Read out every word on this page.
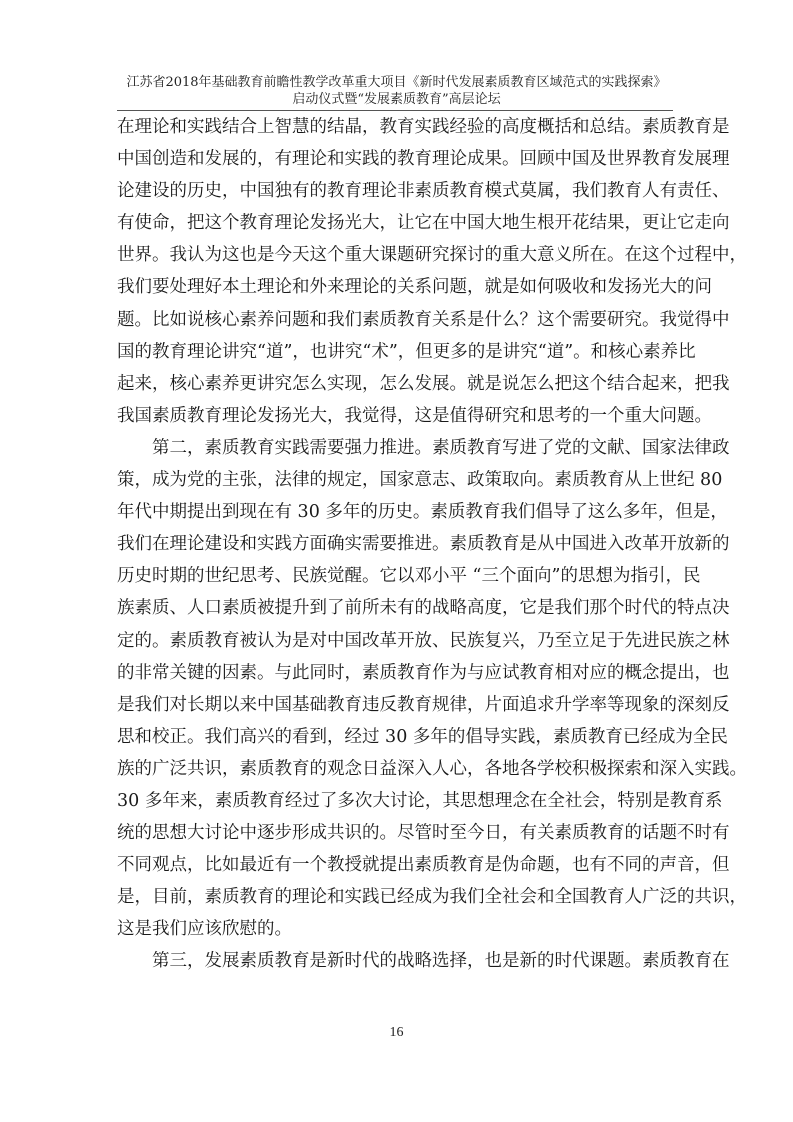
江苏省2018年基础教育前瞻性教学改革重大项目《新时代发展素质教育区域范式的实践探索》
启动仪式暨“发展素质教育”高层论坛
在理论和实践结合上智慧的结晶，教育实践经验的高度概括和总结。素质教育是
中国创造和发展的，有理论和实践的教育理论成果。回顾中国及世界教育发展理
论建设的历史，中国独有的教育理论非素质教育模式莫属，我们教育人有责任、
有使命，把这个教育理论发扬光大，让它在中国大地生根开花结果，更让它走向
世界。我认为这也是今天这个重大课题研究探讨的重大意义所在。在这个过程中，
我们要处理好本土理论和外来理论的关系问题，就是如何吸收和发扬光大的问
题。比如说核心素养问题和我们素质教育关系是什么？这个需要研究。我觉得中
国的教育理论讲究“道”，也讲究“术”，但更多的是讲究“道”。和核心素养比
起来，核心素养更讲究怎么实现，怎么发展。就是说怎么把这个结合起来，把我
我国素质教育理论发扬光大，我觉得，这是值得研究和思考的一个重大问题。
第二，素质教育实践需要强力推进。素质教育写进了党的文献、国家法律政
策，成为党的主张，法律的规定，国家意志、政策取向。素质教育从上世纪 80
年代中期提出到现在有 30 多年的历史。素质教育我们倡导了这么多年，但是，
我们在理论建设和实践方面确实需要推进。素质教育是从中国进入改革开放新的
历史时期的世纪思考、民族觉醒。它以邓小平 “三个面向”的思想为指引，民
族素质、人口素质被提升到了前所未有的战略高度，它是我们那个时代的特点决
定的。素质教育被认为是对中国改革开放、民族复兴，乃至立足于先进民族之林
的非常关键的因素。与此同时，素质教育作为与应试教育相对应的概念提出，也
是我们对长期以来中国基础教育违反教育规律，片面追求升学率等现象的深刻反
思和校正。我们高兴的看到，经过 30 多年的倡导实践，素质教育已经成为全民
族的广泛共识，素质教育的观念日益深入人心，各地各学校积极探索和深入实践。
30 多年来，素质教育经过了多次大讨论，其思想理念在全社会，特别是教育系
统的思想大讨论中逐步形成共识的。尽管时至今日，有关素质教育的话题不时有
不同观点，比如最近有一个教授就提出素质教育是伪命题，也有不同的声音，但
是，目前，素质教育的理论和实践已经成为我们全社会和全国教育人广泛的共识，
这是我们应该欣慰的。
第三，发展素质教育是新时代的战略选择，也是新的时代课题。素质教育在
16
